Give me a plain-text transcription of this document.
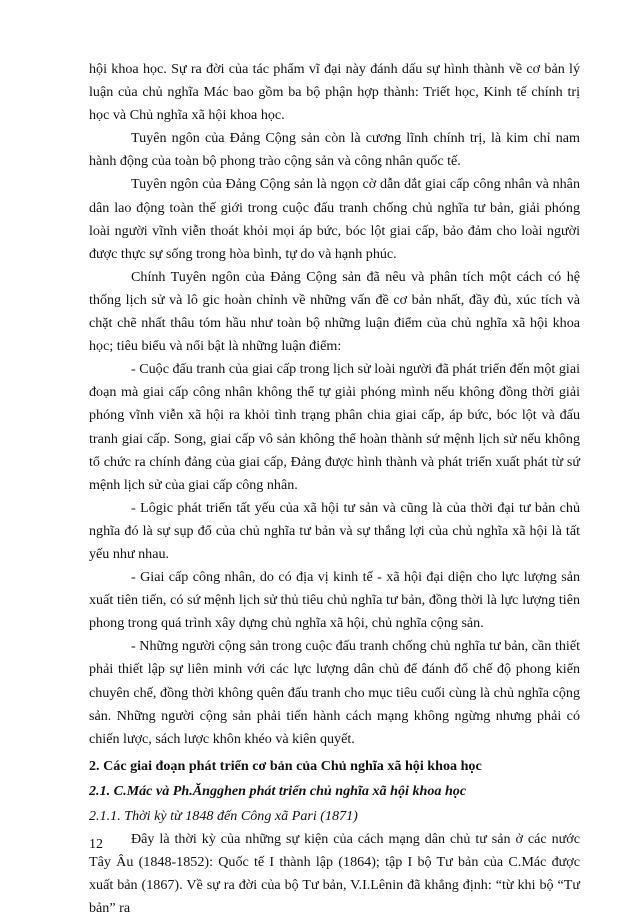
hội khoa học. Sự ra đời của tác phẩm vĩ đại này đánh dấu sự hình thành về cơ bản lý luận của chủ nghĩa Mác bao gồm ba bộ phận hợp thành: Triết học, Kinh tế chính trị học và Chủ nghĩa xã hội khoa học.

Tuyên ngôn của Đảng Cộng sản còn là cương lĩnh chính trị, là kim chỉ nam hành động của toàn bộ phong trào cộng sản và công nhân quốc tế.

Tuyên ngôn của Đảng Cộng sản là ngọn cờ dẫn dắt giai cấp công nhân và nhân dân lao động toàn thế giới trong cuộc đấu tranh chống chủ nghĩa tư bản, giải phóng loài người vĩnh viễn thoát khỏi mọi áp bức, bóc lột giai cấp, bảo đảm cho loài người được thực sự sống trong hòa bình, tự do và hạnh phúc.

Chính Tuyên ngôn của Đảng Cộng sản đã nêu và phân tích một cách có hệ thống lịch sử và lô gic hoàn chỉnh về những vấn đề cơ bản nhất, đầy đủ, xúc tích và chặt chẽ nhất thâu tóm hầu như toàn bộ những luận điểm của chủ nghĩa xã hội khoa học; tiêu biểu và nổi bật là những luận điểm:

- Cuộc đấu tranh của giai cấp trong lịch sử loài người đã phát triển đến một giai đoạn mà giai cấp công nhân không thể tự giải phóng mình nếu không đồng thời giải phóng vĩnh viễn xã hội ra khỏi tình trạng phân chia giai cấp, áp bức, bóc lột và đấu tranh giai cấp. Song, giai cấp vô sản không thể hoàn thành sứ mệnh lịch sử nếu không tổ chức ra chính đảng của giai cấp, Đảng được hình thành và phát triển xuất phát từ sứ mệnh lịch sử của giai cấp công nhân.

- Lôgic phát triển tất yếu của xã hội tư sản và cũng là của thời đại tư bản chủ nghĩa đó là sự sụp đổ của chủ nghĩa tư bản và sự thắng lợi của chủ nghĩa xã hội là tất yếu như nhau.

- Giai cấp công nhân, do có địa vị kinh tế - xã hội đại diện cho lực lượng sản xuất tiên tiến, có sứ mệnh lịch sử thủ tiêu chủ nghĩa tư bản, đồng thời là lực lượng tiên phong trong quá trình xây dựng chủ nghĩa xã hội, chủ nghĩa cộng sản.

- Những người cộng sản trong cuộc đấu tranh chống chủ nghĩa tư bản, cần thiết phải thiết lập sự liên minh với các lực lượng dân chủ để đánh đổ chế độ phong kiến chuyên chế, đồng thời không quên đấu tranh cho mục tiêu cuối cùng là chủ nghĩa cộng sản. Những người cộng sản phải tiến hành cách mạng không ngừng nhưng phải có chiến lược, sách lược khôn khéo và kiên quyết.

2. Các giai đoạn phát triển cơ bản của Chủ nghĩa xã hội khoa học

2.1. C.Mác và Ph.Ăngghen phát triển chủ nghĩa xã hội khoa học

2.1.1. Thời kỳ từ 1848 đến Công xã Pari (1871)

Đây là thời kỳ của những sự kiện của cách mạng dân chủ tư sản ở các nước Tây Âu (1848-1852): Quốc tế I thành lập (1864); tập I bộ Tư bản của C.Mác được xuất bản (1867). Về sự ra đời của bộ Tư bản, V.I.Lênin đã khẳng định: “từ khi bộ “Tư bản” ra

12
